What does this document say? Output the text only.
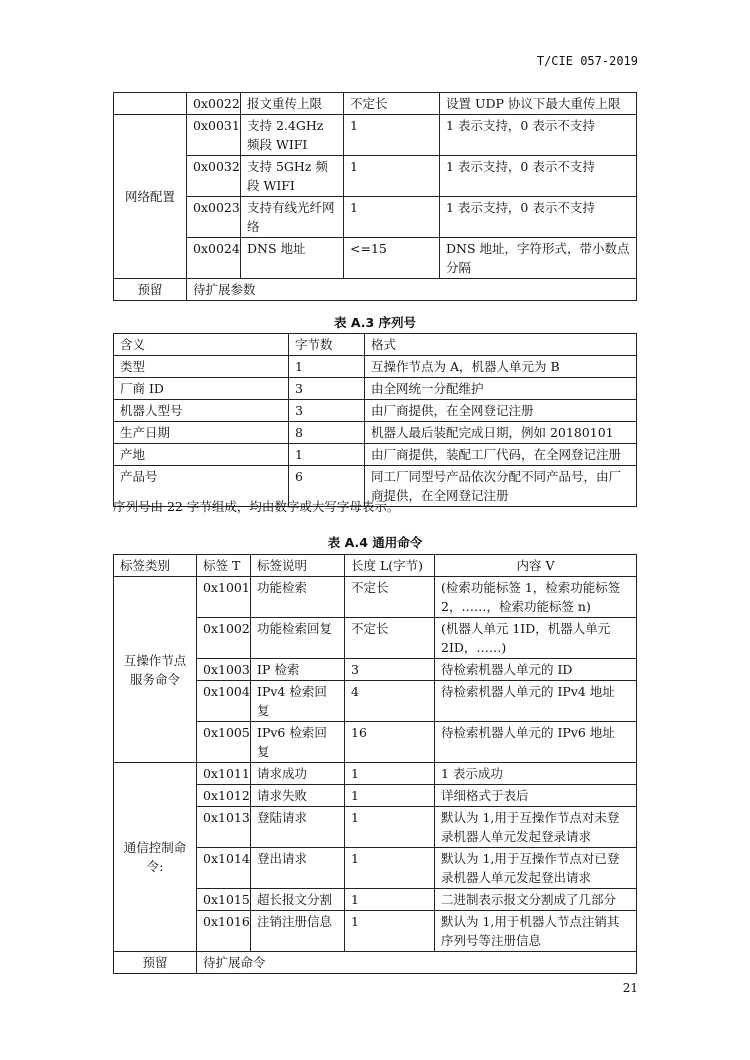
T/CIE 057-2019
	0x0022	报文重传上限	不定长	设置 UDP 协议下最大重传上限
网络配置	0x0031	支持 2.4GHz 频段 WIFI	1	1 表示支持，0 表示不支持
	0x0032	支持 5GHz 频段 WIFI	1	1 表示支持，0 表示不支持
	0x0023	支持有线光纤网络	1	1 表示支持，0 表示不支持
	0x0024	DNS 地址	<=15	DNS 地址，字符形式，带小数点分隔
预留	待扩展参数			
表 A.3 序列号
含义	字节数	格式
类型	1	互操作节点为 A，机器人单元为 B
厂商 ID	3	由全网统一分配维护
机器人型号	3	由厂商提供，在全网登记注册
生产日期	8	机器人最后装配完成日期，例如 20180101
产地	1	由厂商提供，装配工厂代码，在全网登记注册
产品号	6	同工厂同型号产品依次分配不同产品号，由厂商提供，在全网登记注册
序列号由 22 字节组成，均由数字或大写字母表示。
表 A.4 通用命令
标签类别	标签 T	标签说明	长度 L(字节)	内容 V
互操作节点服务命令	0x1001	功能检索	不定长	(检索功能标签 1，检索功能标签 2，……，检索功能标签 n)
	0x1002	功能检索回复	不定长	(机器人单元 1ID，机器人单元 2ID，……)
	0x1003	IP 检索	3	待检索机器人单元的 ID
	0x1004	IPv4 检索回复	4	待检索机器人单元的 IPv4 地址
	0x1005	IPv6 检索回复	16	待检索机器人单元的 IPv6 地址
通信控制命令:	0x1011	请求成功	1	1 表示成功
	0x1012	请求失败	1	详细格式于表后
	0x1013	登陆请求	1	默认为 1,用于互操作节点对未登录机器人单元发起登录请求
	0x1014	登出请求	1	默认为 1,用于互操作节点对已登录机器人单元发起登出请求
	0x1015	超长报文分割	1	二进制表示报文分割成了几部分
	0x1016	注销注册信息	1	默认为 1,用于机器人节点注销其序列号等注册信息
预留	待扩展命令			
21
